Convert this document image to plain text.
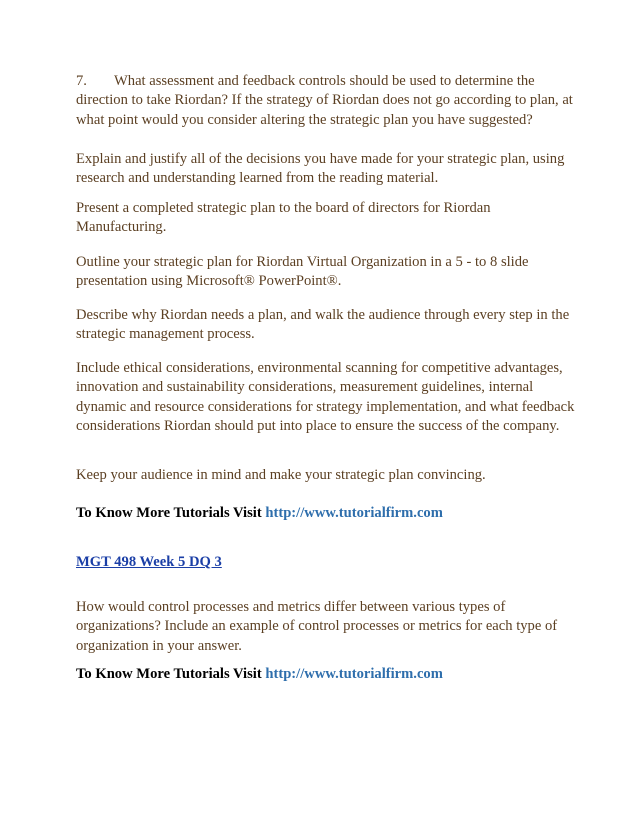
7. What assessment and feedback controls should be used to determine the direction to take Riordan? If the strategy of Riordan does not go according to plan, at what point would you consider altering the strategic plan you have suggested?
Explain and justify all of the decisions you have made for your strategic plan, using research and understanding learned from the reading material.
Present a completed strategic plan to the board of directors for Riordan Manufacturing.
Outline your strategic plan for Riordan Virtual Organization in a 5 - to 8 slide presentation using Microsoft® PowerPoint®.
Describe why Riordan needs a plan, and walk the audience through every step in the strategic management process.
Include ethical considerations, environmental scanning for competitive advantages, innovation and sustainability considerations, measurement guidelines, internal dynamic and resource considerations for strategy implementation, and what feedback considerations Riordan should put into place to ensure the success of the company.
Keep your audience in mind and make your strategic plan convincing.
To Know More Tutorials Visit http://www.tutorialfirm.com
MGT 498 Week 5 DQ 3
How would control processes and metrics differ between various types of organizations? Include an example of control processes or metrics for each type of organization in your answer.
To Know More Tutorials Visit http://www.tutorialfirm.com
